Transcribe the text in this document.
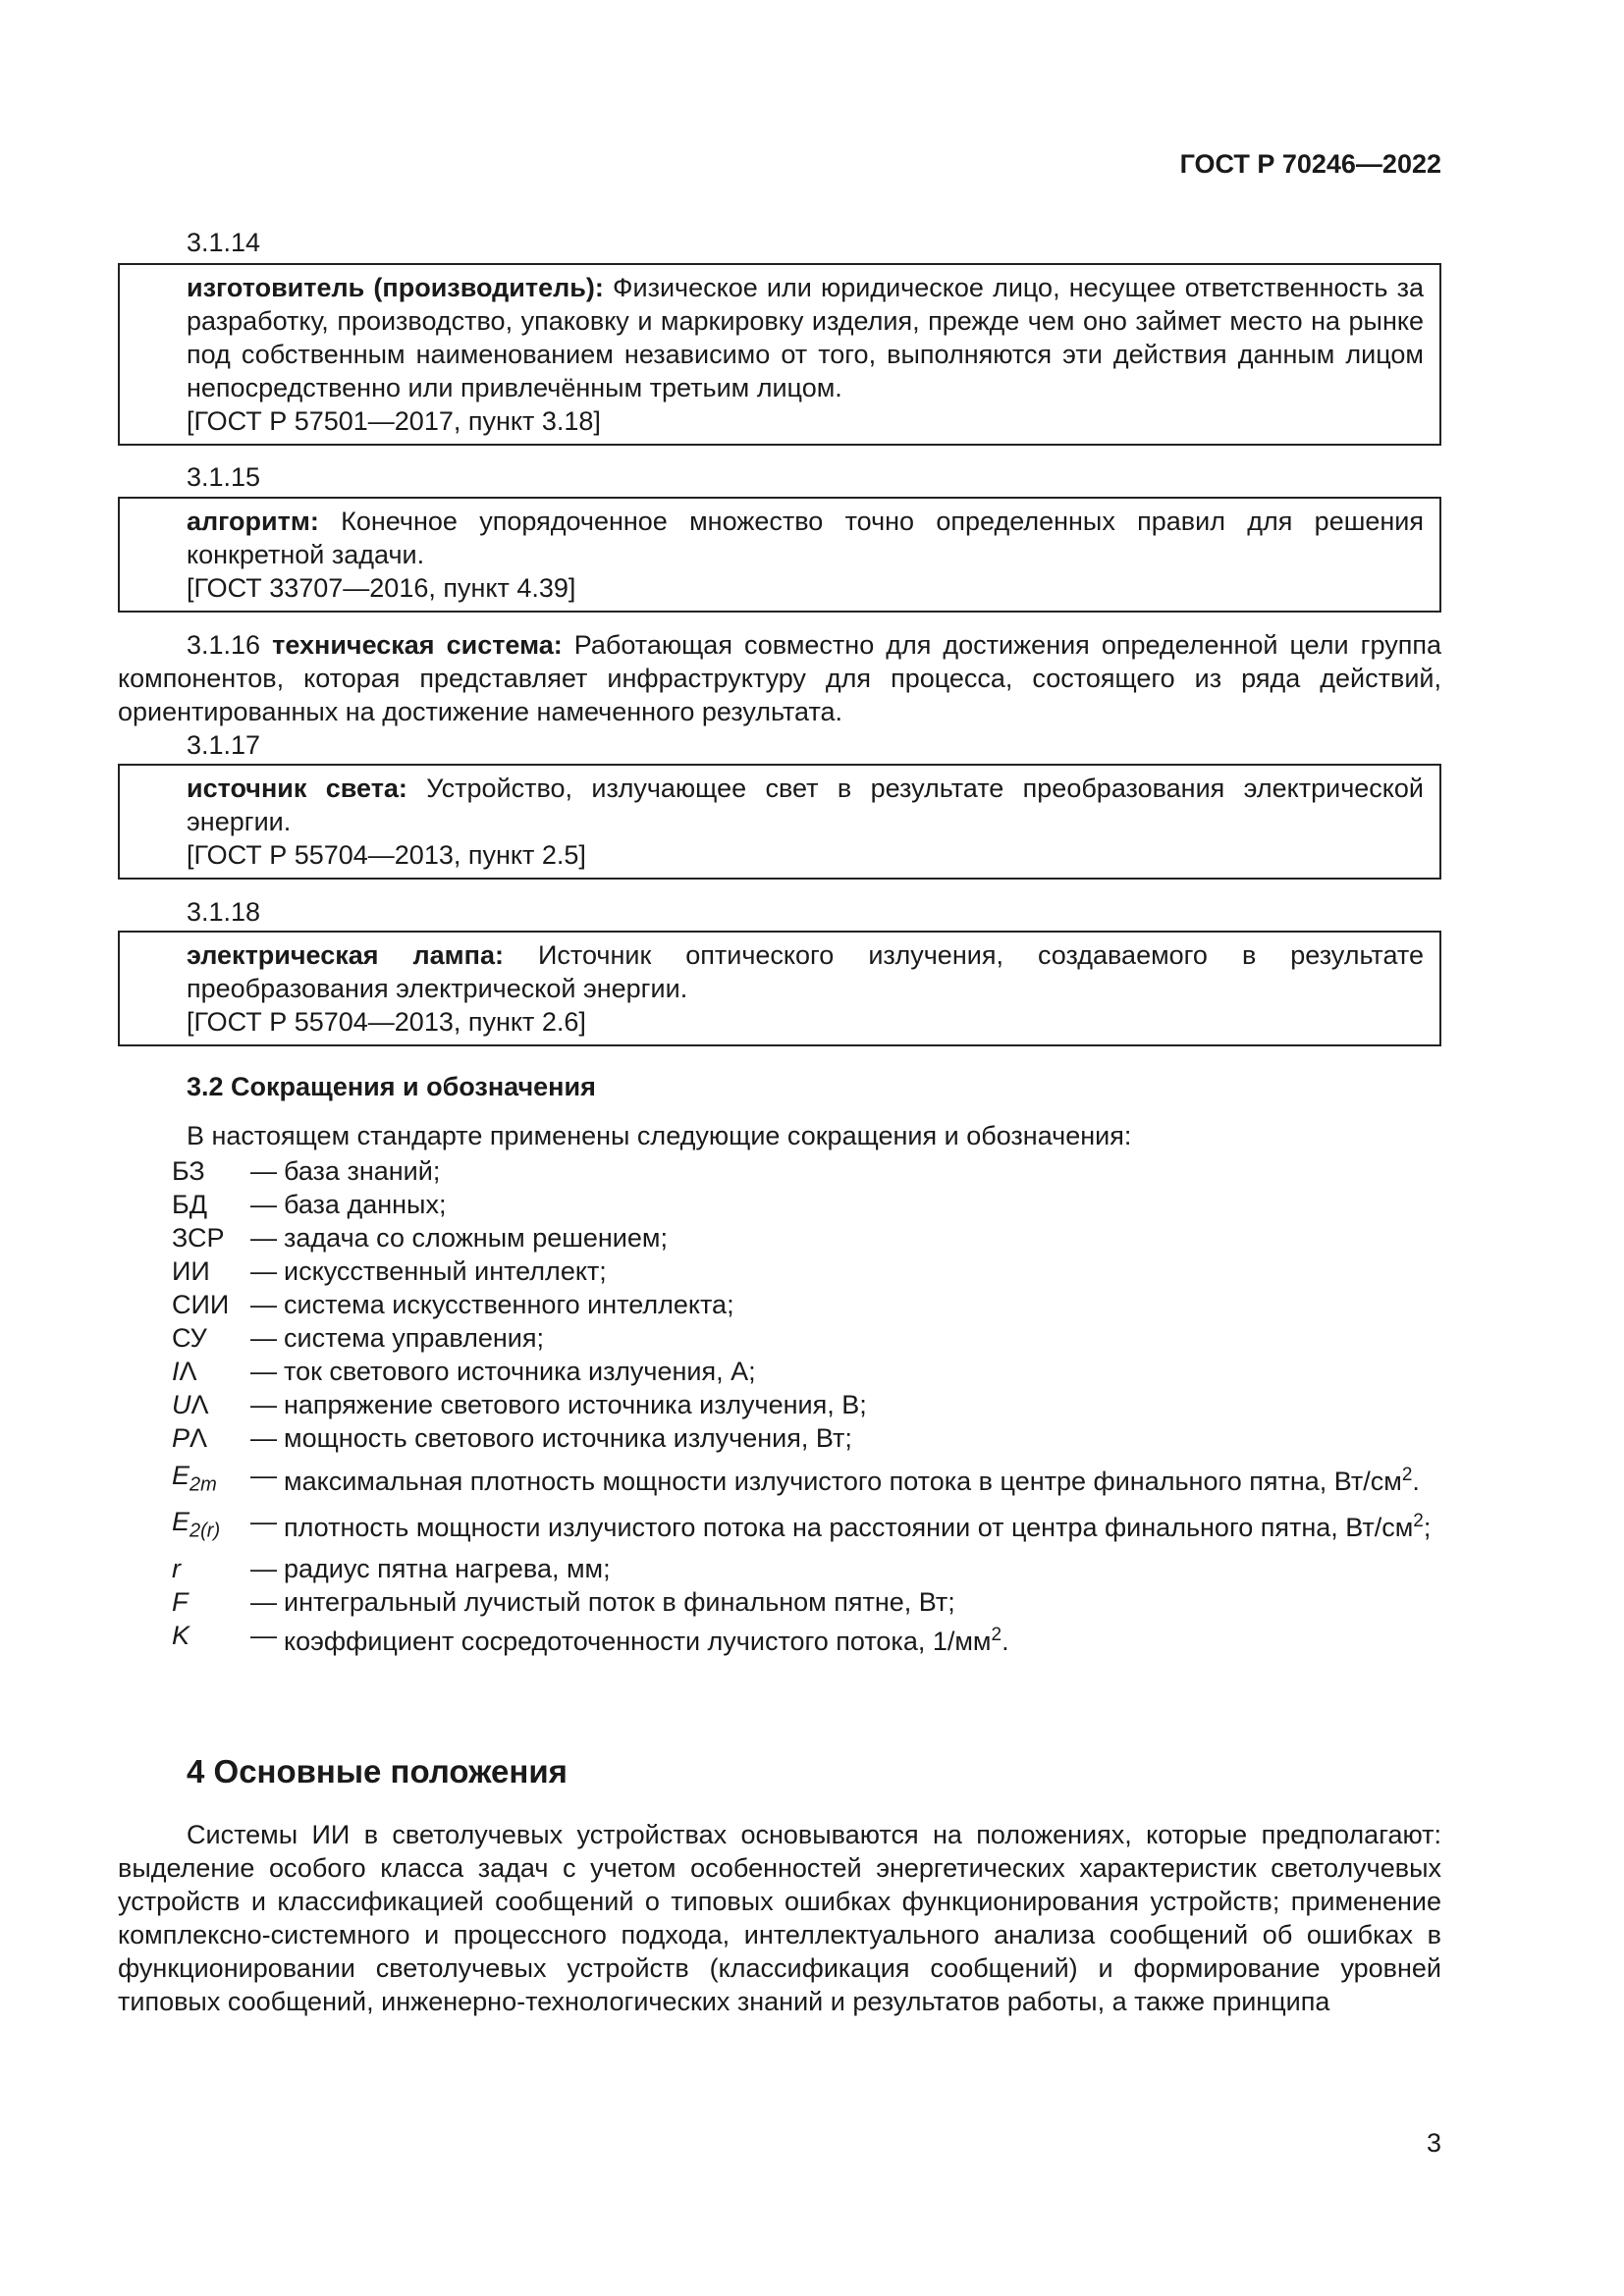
ГОСТ Р 70246—2022
3.1.14

изготовитель (производитель): Физическое или юридическое лицо, несущее ответственность за разработку, производство, упаковку и маркировку изделия, прежде чем оно займет место на рынке под собственным наименованием независимо от того, выполняются эти действия данным лицом непосредственно или привлечённым третьим лицом.

[ГОСТ Р 57501—2017, пункт 3.18]

3.1.15

алгоритм: Конечное упорядоченное множество точно определенных правил для решения конкретной задачи.

[ГОСТ 33707—2016, пункт 4.39]

3.1.16 техническая система: Работающая совместно для достижения определенной цели группа компонентов, которая представляет инфраструктуру для процесса, состоящего из ряда действий, ориентированных на достижение намеченного результата.

3.1.17

источник света: Устройство, излучающее свет в результате преобразования электрической энергии.

[ГОСТ Р 55704—2013, пункт 2.5]

3.1.18

электрическая лампа: Источник оптического излучения, создаваемого в результате преобразования электрической энергии.

[ГОСТ Р 55704—2013, пункт 2.6]

3.2 Сокращения и обозначения
В настоящем стандарте применены следующие сокращения и обозначения:
БЗ	— база знаний;
БД	— база данных;
ЗСР — задача со сложным решением;
ИИ	— искусственный интеллект;
СИИ — система искусственного интеллекта;
СУ	— система управления;
IΛ	— ток светового источника излучения, А;
UΛ	— напряжение светового источника излучения, В;
PΛ	— мощность светового источника излучения, Вт;
$E_{2m}$	— максимальная плотность мощности излучистого потока в центре финального пятна, $Вт/см^2$.
$E_{2(r)}$	— плотность мощности излучистого потока на расстоянии от центра финального пятна, $Вт/см^2$;
r	— радиус пятна нагрева, мм;
F	— интегральный лучистый поток в финальном пятне, Вт;
K	— коэффициент сосредоточенности лучистого потока, $1/мм^2$.
4 Основные положения

Системы ИИ в светолучевых устройствах основываются на положениях, которые предполагают: выделение особого класса задач с учетом особенностей энергетических характеристик светолучевых устройств и классификацией сообщений о типовых ошибках функционирования устройств; применение комплексно-системного и процессного подхода, интеллектуального анализа сообщений об ошибках в функционировании светолучевых устройств (классификация сообщений) и формирование уровней типовых сообщений, инженерно-технологических знаний и результатов работы, а также принципа

3
